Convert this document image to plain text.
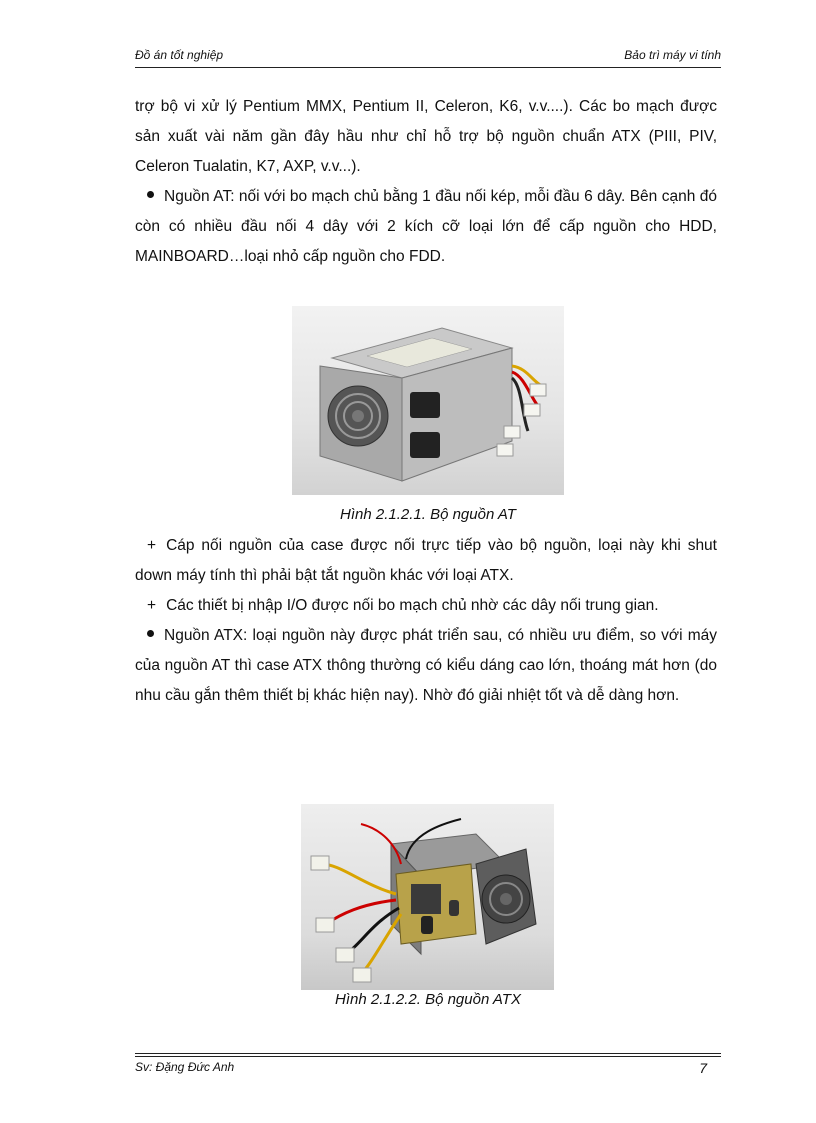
Đồ án tốt nghiệp	Bảo trì máy vi tính

trợ bộ vi xử lý Pentium MMX, Pentium II, Celeron, K6, v.v....). Các bo mạch được sản xuất vài năm gần đây hầu như chỉ hỗ trợ bộ nguồn chuẩn ATX (PIII, PIV, Celeron Tualatin, K7, AXP, v.v...).

Nguồn AT: nối với bo mạch chủ bằng 1 đầu nối kép, mỗi đầu 6 dây. Bên cạnh đó còn có nhiều đầu nối 4 dây với 2 kích cỡ loại lớn để cấp nguồn cho HDD, MAINBOARD…loại nhỏ cấp nguồn cho FDD.

Hình 2.1.2.1. Bộ nguồn AT

+ Cáp nối nguồn của case được nối trực tiếp vào bộ nguồn, loại này khi shut down máy tính thì phải bật tắt nguồn khác với loại ATX.

+ Các thiết bị nhập I/O được nối bo mạch chủ nhờ các dây nối trung gian.

Nguồn ATX: loại nguồn này được phát triển sau, có nhiều ưu điểm, so với máy của nguồn AT thì case ATX thông thường có kiểu dáng cao lớn, thoáng mát hơn (do nhu cầu gắn thêm thiết bị khác hiện nay). Nhờ đó giải nhiệt tốt và dễ dàng hơn.

Hình 2.1.2.2. Bộ nguồn ATX
Sv: Đặng Đức Anh	7
